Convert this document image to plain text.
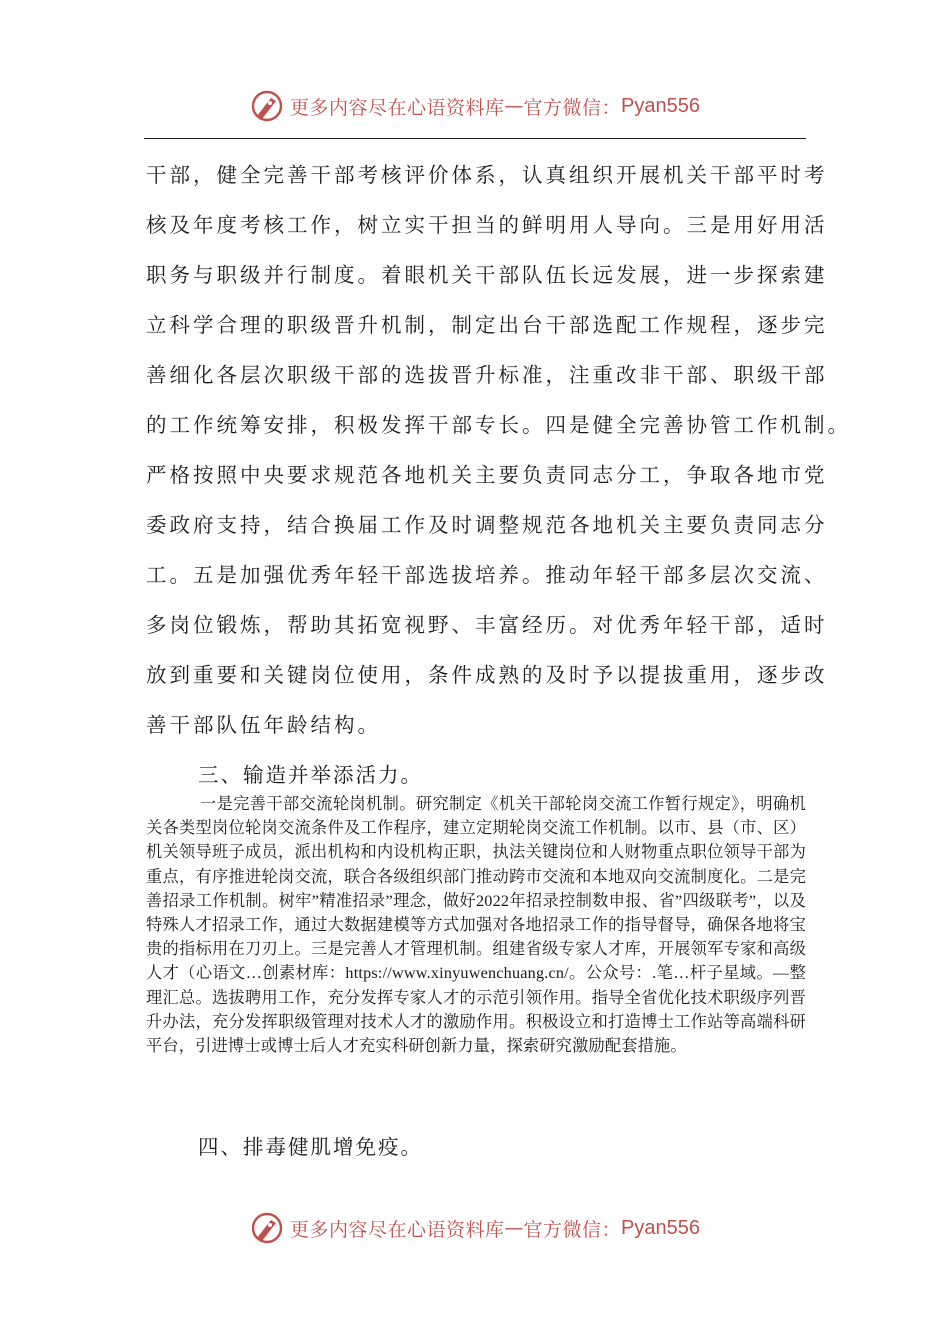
更多内容尽在心语资料库 — 官方微信： Pyan556

干部，健全完善干部考核评价体系，认真组织开展机关干部平时考

核及年度考核工作，树立实干担当的鲜明用人导向。三是用好用活

职务与职级并行制度。着眼机关干部队伍长远发展，进一步探索建

立科学合理的职级晋升机制，制定出台干部选配工作规程，逐步完

善细化各层次职级干部的选拔晋升标准，注重改非干部、职级干部

的工作统筹安排，积极发挥干部专长。四是健全完善协管工作机制。

严格按照中央要求规范各地机关主要负责同志分工，争取各地市党

委政府支持，结合换届工作及时调整规范各地机关主要负责同志分

工。五是加强优秀年轻干部选拔培养。推动年轻干部多层次交流、

多岗位锻炼，帮助其拓宽视野、丰富经历。对优秀年轻干部，适时

放到重要和关键岗位使用，条件成熟的及时予以提拔重用，逐步改

善干部队伍年龄结构。

三、输造并举添活力。

一是完善干部交流轮岗机制。研究制定《机关干部轮岗交流工作暂行规定》，明确机关各类型岗位轮岗交流条件及工作程序，建立定期轮岗交流工作机制。以市、县（市、区）机关领导班子成员，派出机构和内设机构正职，执法关键岗位和人财物重点职位领导干部为重点，有序推进轮岗交流，联合各级组织部门推动跨市交流和本地双向交流制度化。二是完善招录工作机制。树牢”精准招录”理念，做好2022年招录控制数申报、省”四级联考”，以及特殊人才招录工作，通过大数据建模等方式加强对各地招录工作的指导督导，确保各地将宝贵的指标用在刀刃上。三是完善人才管理机制。组建省级专家人才库，开展领军专家和高级人才（心语文…创素材库：https://www.xinyuwenchuang.cn/。公众号：.笔…杆子星域。—整理汇总。选拔聘用工作，充分发挥专家人才的示范引领作用。指导全省优化技术职级序列晋升办法，充分发挥职级管理对技术人才的激励作用。积极设立和打造博士工作站等高端科研平台，引进博士或博士后人才充实科研创新力量，探索研究激励配套措施。

四、排毒健肌增免疫。

更多内容尽在心语资料库 — 官方微信： Pyan556
